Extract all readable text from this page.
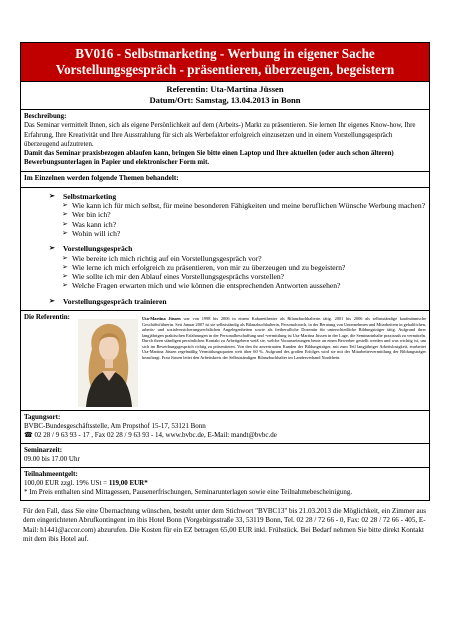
BV016 - Selbstmarketing - Werbung in eigener Sache
Vorstellungsgespräch - präsentieren, überzeugen, begeistern
Referentin: Uta-Martina Jüssen
Datum/Ort: Samstag, 13.04.2013 in Bonn
Beschreibung:
Das Seminar vermittelt Ihnen, sich als eigene Persönlichkeit auf dem (Arbeits-) Markt zu präsentieren. Sie lernen Ihr eigenes Know-how, Ihre Erfahrung, Ihre Kreativität und Ihre Ausstrahlung für sich als Werbefaktor erfolgreich einzusetzen und in einem Vorstellungsgespräch überzeugend aufzutreten.
Damit das Seminar praxisbezogen ablaufen kann, bringen Sie bitte einen Laptop und Ihre aktuellen (oder auch schon älteren) Bewerbungsunterlagen in Papier und elektronischer Form mit.
Im Einzelnen werden folgende Themen behandelt:
➢	Selbstmarketing
➢ Wie kann ich für mich selbst, für meine besonderen Fähigkeiten und meine beruflichen Wünsche Werbung machen?
➢ Wer bin ich?
➢ Was kann ich?
➢ Wohin will ich?
➢	Vorstellungsgespräch
➢ Wie bereite ich mich richtig auf ein Vorstellungsgespräch vor?
➢ Wie lerne ich mich erfolgreich zu präsentieren, von mir zu überzeugen und zu begeistern?
➢ Wie sollte ich mir den Ablauf eines Vorstellungsgesprächs vorstellen?
➢ Welche Fragen erwarten mich und wie können die entsprechenden Antworten aussehen?
➢	Vorstellungsgespräch trainieren
Die Referentin:	Uta-Martina Jüssen war von 1998 bis 2006 in einem Kabarettheater als Bilanzbuchhalterin tätig. 2001 bis 2006 als selbstständige kaufmännische Geschäftsführerin. Seit Januar 2007 ist sie selbstständig als Bilanzbuchhalterin, Personalcoach, in der Beratung von Unternehmen und Mitarbeitern in gehaltlichen, arbeits- und sozialversicherungsrechtlichen Angelegenheiten sowie als freiberufliche Dozentin für unterschiedliche Bildungsträger tätig. Aufgrund ihrer langjährigen praktischen Erfahrungen in der Personalbeschaffung und -vermittlung ist Uta-Martina Jüssen in der Lage, die Seminarinhalte praxisnah zu vermitteln. Durch ihren ständigen persönlichen Kontakt zu Arbeitgebern weiß sie, welche Voraussetzungen heute an einen Bewerber gestellt werden und was wichtig ist, um sich im Bewerbungsgespräch richtig zu präsentieren. Von den ihr anvertrauten Kunden der Bildungsträger, mit zum Teil langjähriger Arbeitslosigkeit, erarbeitet Uta-Martina Jüssen regelmäßig Vermittlungsquoten weit über 60 %. Aufgrund des großen Erfolges wird sie mit der Mitarbeitervermittlung der Bildungsträger beauftragt. Frau Jüssen leitet den Arbeitskreis der Selbstständigen Bilanzbuchhalter im Landesverband Nordrhein.
Tagungsort:
BVBC-Bundesgeschäftsstelle, Am Propsthof 15-17, 53121 Bonn
☎ 02 28 / 9 63 93 - 17 , Fax 02 28 / 9 63 93 - 14, www.bvbc.de, E-Mail: mandt@bvbc.de
Seminarzeit:
09.00 bis 17.00 Uhr
Teilnahmeentgelt:
100,00 EUR zzgl. 19% USt = 119,00 EUR*
* Im Preis enthalten sind Mittagessen, Pausenerfrischungen, Seminarunterlagen sowie eine Teilnahmebescheinigung.
Für den Fall, dass Sie eine Übernachtung wünschen, besteht unter dem Stichwort "BVBC13" bis 21.03.2013 die Möglichkeit, ein Zimmer aus dem eingerichteten Abrufkontingent im ibis Hotel Bonn (Vorgebirgsstraße 33, 53119 Bonn, Tel. 02 28 / 72 66 - 0, Fax: 02 28 / 72 66 - 405, E-Mail: h1441@accor.com) abzurufen. Die Kosten für ein EZ betragen 65,00 EUR inkl. Frühstück. Bei Bedarf nehmen Sie bitte direkt Kontakt mit dem ibis Hotel auf.
